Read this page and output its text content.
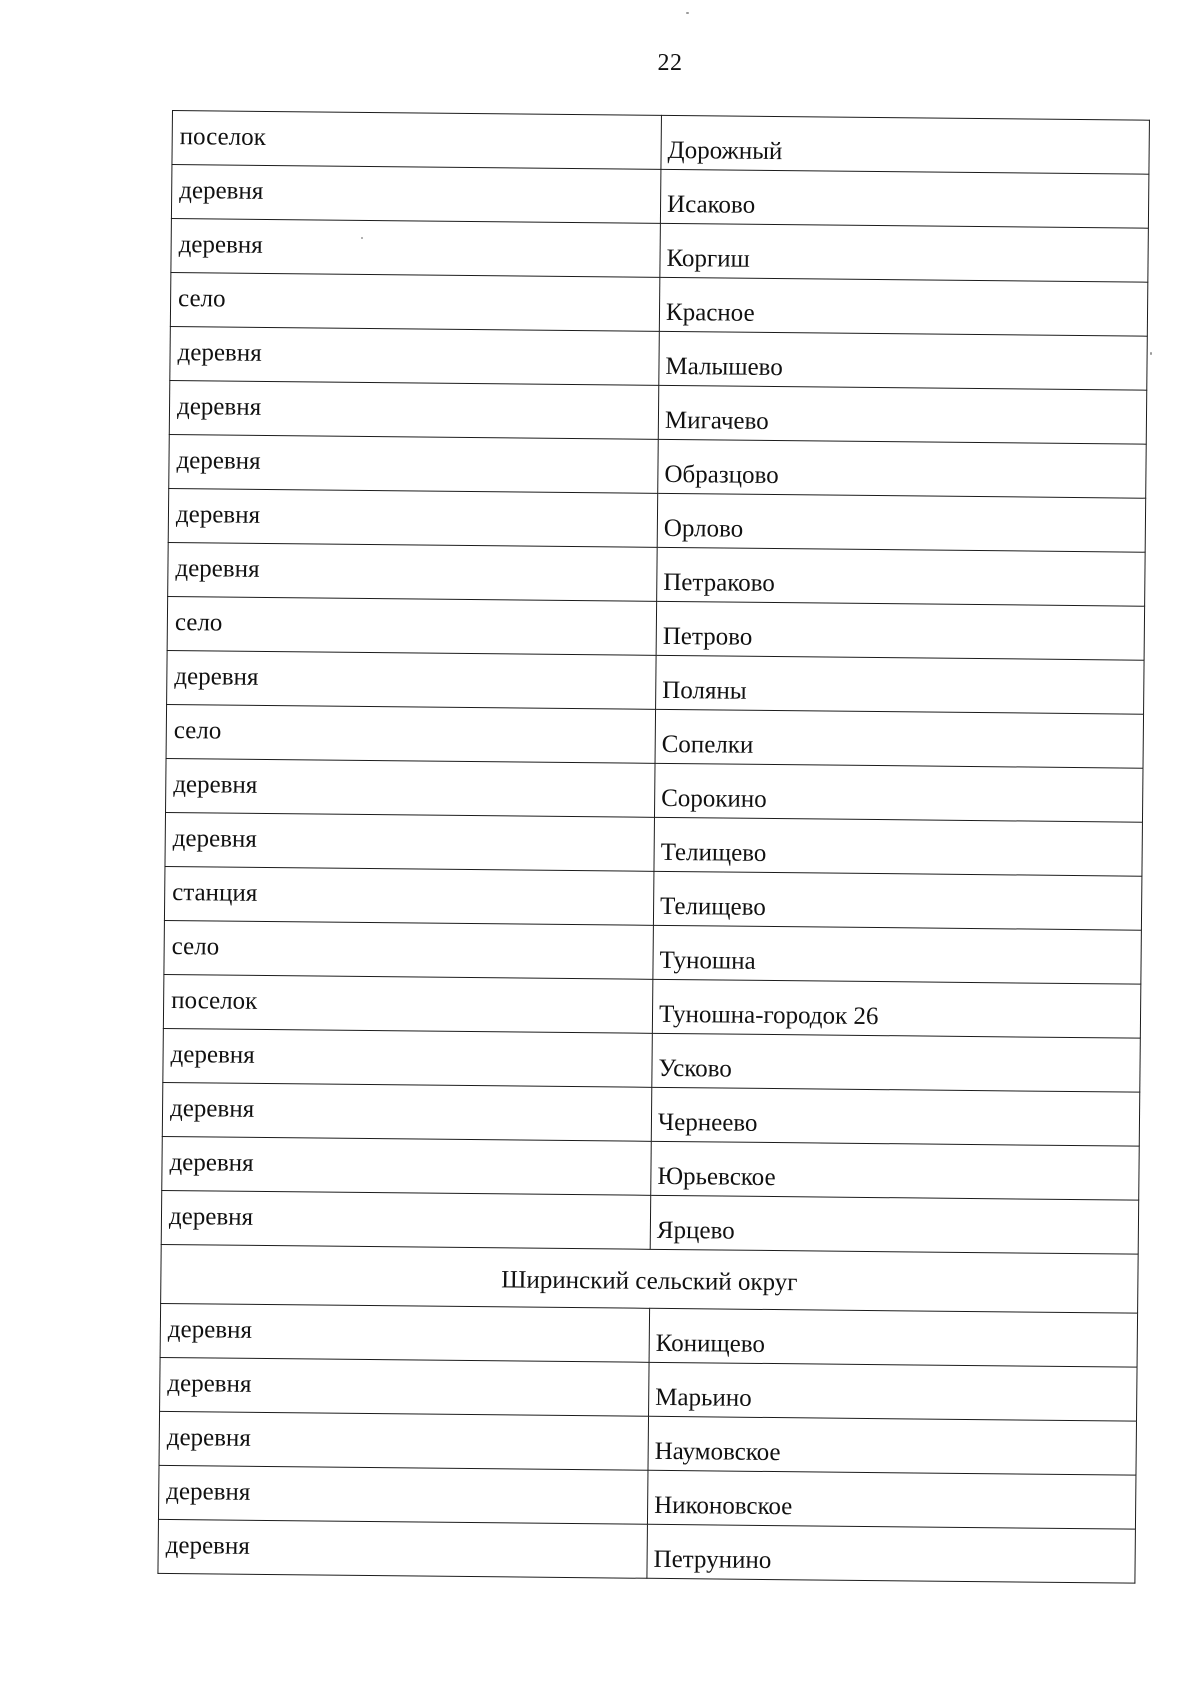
22
поселок	Дорожный
деревня	Исаково
деревня	Коргиш
село	Красное
деревня	Малышево
деревня	Мигачево
деревня	Образцово
деревня	Орлово
деревня	Петраково
село	Петрово
деревня	Поляны
село	Сопелки
деревня	Сорокино
деревня	Телищево
станция	Телищево
село	Туношна
поселок	Туношна-городок 26
деревня	Усково
деревня	Чернеево
деревня	Юрьевское
деревня	Ярцево
Ширинский сельский округ	
деревня	Конищево
деревня	Марьино
деревня	Наумовское
деревня	Никоновское
деревня	Петрунино
